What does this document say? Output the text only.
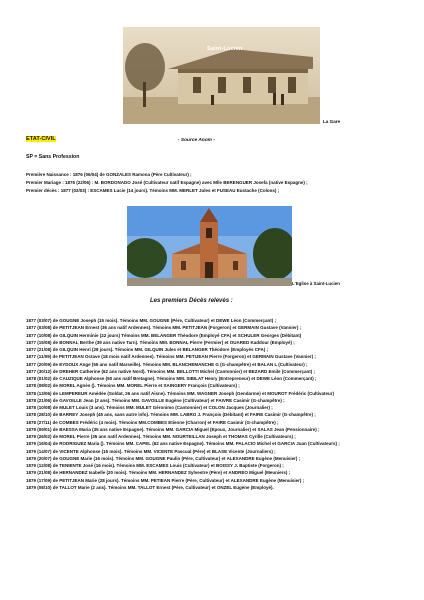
Saint-Lucien
La Gare
ETAT-CIVIL	- Source Anom -
SP = Sans Profession
Première Naissance : 1876 (06/04) de GONZALES Ramona (Père Cultivateur) ;
Premier Mariage : 1876 (22/06) : M. BORDONADO José (Cultivateur natif Espagne) avec Mlle BERENGUER Josefa (native Espagne) ;
Premier décès : 1877 (02/03) : ESCAMES Lucie (14 jours). Témoins MM. MERLET Jules et FUSEAU Eustache (Colons) ;
L'Eglise à Saint-Lucien
Les premiers Décès relevés :
1877 (03/07) de GOUGNE Joseph (15 mois). Témoins MM. GOUGNE (Père, Cultivateur) et DEWE Léon (Commerçant) ;
1877 (03/08) de PETITJEAN Ernest (36 ans natif Ardennes). Témoins MM. PETITJEAN (Forgeron) et GERMAIN Gustave (Vannier) ;
1877 (10/08) de GILQUIN Herminie (22 jours) Témoins MM. BELANGER Théodore (Employé CFA) et SCHULER Georges (Débitant)
1877 (15/08) de BONNAL Berthe (39 ans native Tarn). Témoins MM. BONNAL Pierre (Fermier) et OUARED Kaddour (Employé) ;
1877 (21/08) de GILQUIN Henri (28 jours). Témoins MM. GILQUIN Jules et BELANGER Théodore (Employés CFA) ;
1877 (11/09) de PETITJEAN Octave (18 mois natif Ardennes). Témoins MM. PETIJEAN Pierre (Forgeron) et GERMAIN Gustave (Vannier) ;
1877 (20/09) de EYDOUX Ange (55 ans natif Marseille). Témoins MM. BLANCHEMANCHE G (G-champêtre) et BALAN L (Cultivateur) ;
1877 (30/12) de DREHER Catherine (62 ans native Nord). Témoins MM. BELLOTTI Michel (Cantonnier) et BEZARD Emile (Commerçant) ;
1878 (01/02) de CAUZIQUE Alphonse (50 ans natif Bretagne). Témoins MM. SIBILAT Henry (Entrepreneur) et DEWE Léon (Commerçant) ;
1878 (08/02) de MOREL Agnès (). Témoins MM. MOREL Pierre et SAINGERY François (Cultivateurs) ;
1878 (13/06) de LEMPEREUR Amédée (Soldat, 26 ans natif Aisne). Témoins MM. WAGNER Joseph (Gendarme) et MOUROT Frédéric (Cultivateur)
1878 (21/06) de GAVOILLE Jean (2 ans). Témoins MM. GAVOILLE Eugène (Cultivateur) et FAIVRE Casimir (G-champêtre) ;
1878 (10/08) de MULET Louis (3 ans). Témoins MM. MULET Géronimo (Cantonnier) et COLON Jacques (Journalier) ;
1878 (28/10) de BARREY Joseph (45 ans, sans autre info). Témoins MM. LABRO J. François (Débitant) et FAIRE Casimir (G-champêtre) ;
1878 (27/11) de COMBES Frédéric (4 mois). Témoins MM.COMBES Etienne (Charron) et FAIRE Casimir (G-champêtre) ;
1879 (09/01) de BAESSA Maria (35 ans native Espagne). Témoins MM. GARCIA Miguel (Epoux, Journalier) et SALAS Jean (Pensionnaire) ;
1879 (26/02) de MOREL Pierre (35 ans natif Ardennes). Témoins MM. NOURTEILLAN Joseph et THOMAS Cyrille (Cultivateurs) ;
1879 (16/04) de RODRIGUEZ Maria (). Témoins MM. CAPEL (62 ans native Espagne). Témoins MM. PALACIO Michel et GARCIA Juan (Cultivateurs) ;
1879 (14/07) de VICENTE Alphonse (15 mois). Témoins MM. VICENTE Pascual (Père) et BLASE Vicente (Journaliers) ;
1879 (20/07) de GOUGNE Marie (16 mois). Témoins MM. GOUGNE Paulin (Père, Cultivateur) et ALEXANDRE Eugène (Menuisier) ;
1879 (12/08) de TENIENTE José (16 mois). Témoins MM. ESCAMES Louis (Cultivateur) et BOISSY J. Baptiste (Forgeron) ;
1879 (21/08) de HERNANDEZ Isabelle (20 mois). Témoins MM. HERNANDEZ Sylvestre (Père) et ANDREO Miguel (Meuniers) ;
1879 (17/09) de PETITJEAN Marie (28 jours). Témoins MM. PETIEAN Pierre (Père, Cultivateur) et ALEXANDRE Eugène (Menuisier) ;
1879 (08/10) de TALLOT Marie (2 ans). Témoins MM. TALLOT Ernest (Père, Cultivateur) et ONZEL Eugène (Employé).
